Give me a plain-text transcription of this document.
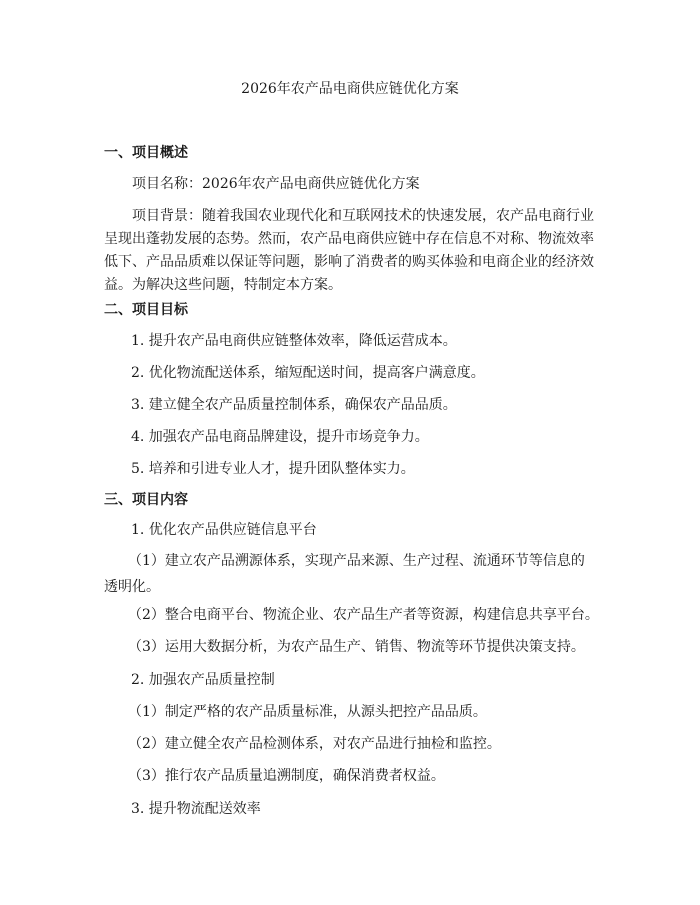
2026年农产品电商供应链优化方案
一、项目概述
项目名称：2026年农产品电商供应链优化方案
项目背景：随着我国农业现代化和互联网技术的快速发展，农产品电商行业呈现出蓬勃发展的态势。然而，农产品电商供应链中存在信息不对称、物流效率低下、产品品质难以保证等问题，影响了消费者的购买体验和电商企业的经济效益。为解决这些问题，特制定本方案。
二、项目目标
1. 提升农产品电商供应链整体效率，降低运营成本。
2. 优化物流配送体系，缩短配送时间，提高客户满意度。
3. 建立健全农产品质量控制体系，确保农产品品质。
4. 加强农产品电商品牌建设，提升市场竞争力。
5. 培养和引进专业人才，提升团队整体实力。
三、项目内容
1. 优化农产品供应链信息平台
（1）建立农产品溯源体系，实现产品来源、生产过程、流通环节等信息的透明化。
（2）整合电商平台、物流企业、农产品生产者等资源，构建信息共享平台。
（3）运用大数据分析，为农产品生产、销售、物流等环节提供决策支持。
2. 加强农产品质量控制
（1）制定严格的农产品质量标准，从源头把控产品品质。
（2）建立健全农产品检测体系，对农产品进行抽检和监控。
（3）推行农产品质量追溯制度，确保消费者权益。
3. 提升物流配送效率
